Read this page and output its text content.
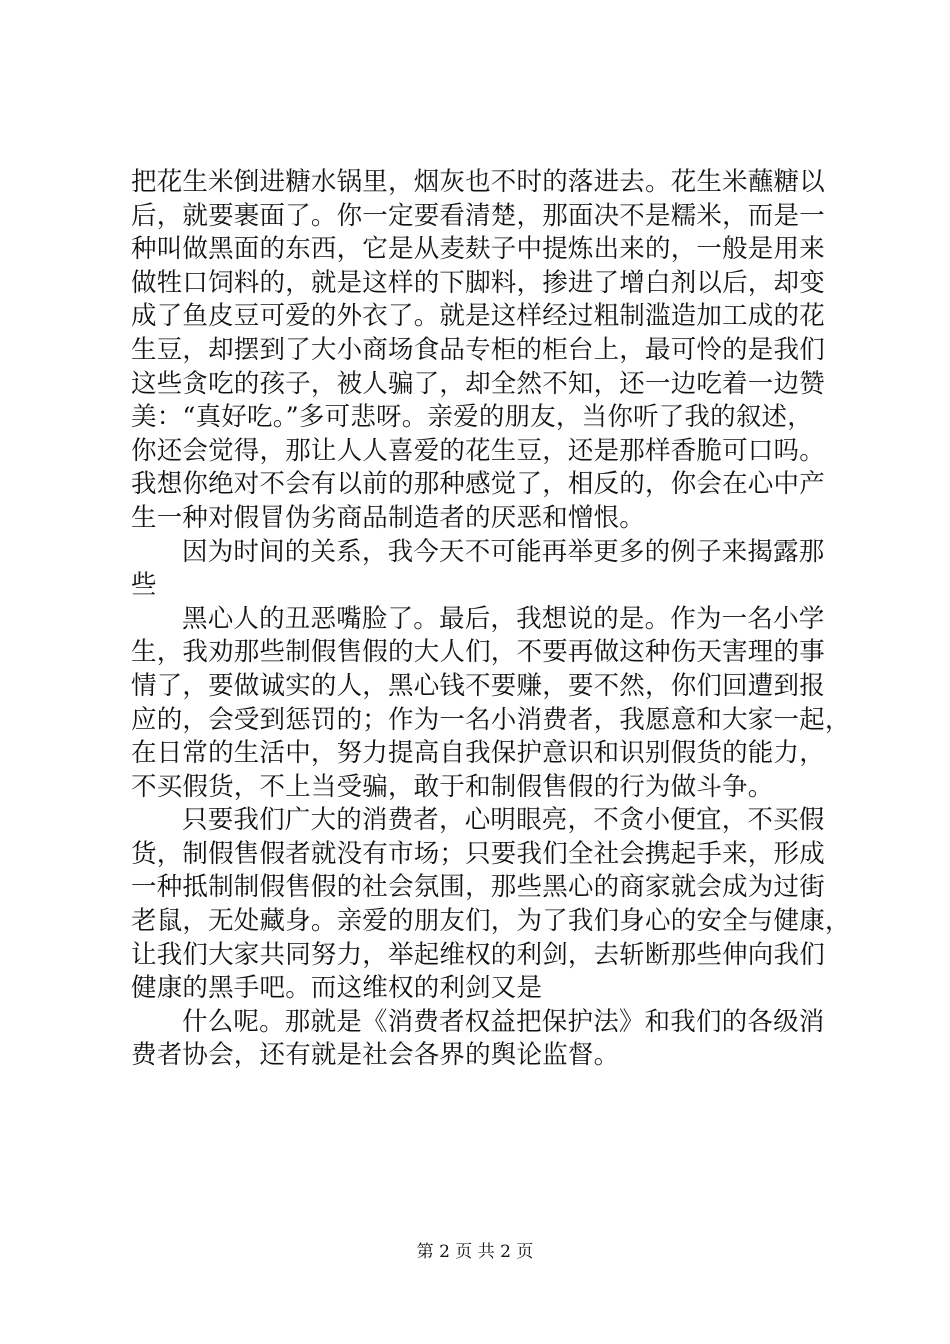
把花生米倒进糖水锅里，烟灰也不时的落进去。花生米蘸糖以
后，就要裹面了。你一定要看清楚，那面决不是糯米，而是一
种叫做黑面的东西，它是从麦麸子中提炼出来的，一般是用来
做牲口饲料的，就是这样的下脚料，掺进了增白剂以后，却变
成了鱼皮豆可爱的外衣了。就是这样经过粗制滥造加工成的花
生豆，却摆到了大小商场食品专柜的柜台上，最可怜的是我们
这些贪吃的孩子，被人骗了，却全然不知，还一边吃着一边赞
美：“真好吃。”多可悲呀。亲爱的朋友，当你听了我的叙述，
你还会觉得，那让人人喜爱的花生豆，还是那样香脆可口吗。
我想你绝对不会有以前的那种感觉了，相反的，你会在心中产
生一种对假冒伪劣商品制造者的厌恶和憎恨。
因为时间的关系，我今天不可能再举更多的例子来揭露那
些
黑心人的丑恶嘴脸了。最后，我想说的是。作为一名小学
生，我劝那些制假售假的大人们，不要再做这种伤天害理的事
情了，要做诚实的人，黑心钱不要赚，要不然，你们回遭到报
应的，会受到惩罚的；作为一名小消费者，我愿意和大家一起，
在日常的生活中，努力提高自我保护意识和识别假货的能力，
不买假货，不上当受骗，敢于和制假售假的行为做斗争。
只要我们广大的消费者，心明眼亮，不贪小便宜，不买假
货，制假售假者就没有市场；只要我们全社会携起手来，形成
一种抵制制假售假的社会氛围，那些黑心的商家就会成为过街
老鼠，无处藏身。亲爱的朋友们，为了我们身心的安全与健康，
让我们大家共同努力，举起维权的利剑，去斩断那些伸向我们
健康的黑手吧。而这维权的利剑又是
什么呢。那就是《消费者权益把保护法》和我们的各级消
费者协会，还有就是社会各界的舆论监督。
第 2 页 共 2 页
